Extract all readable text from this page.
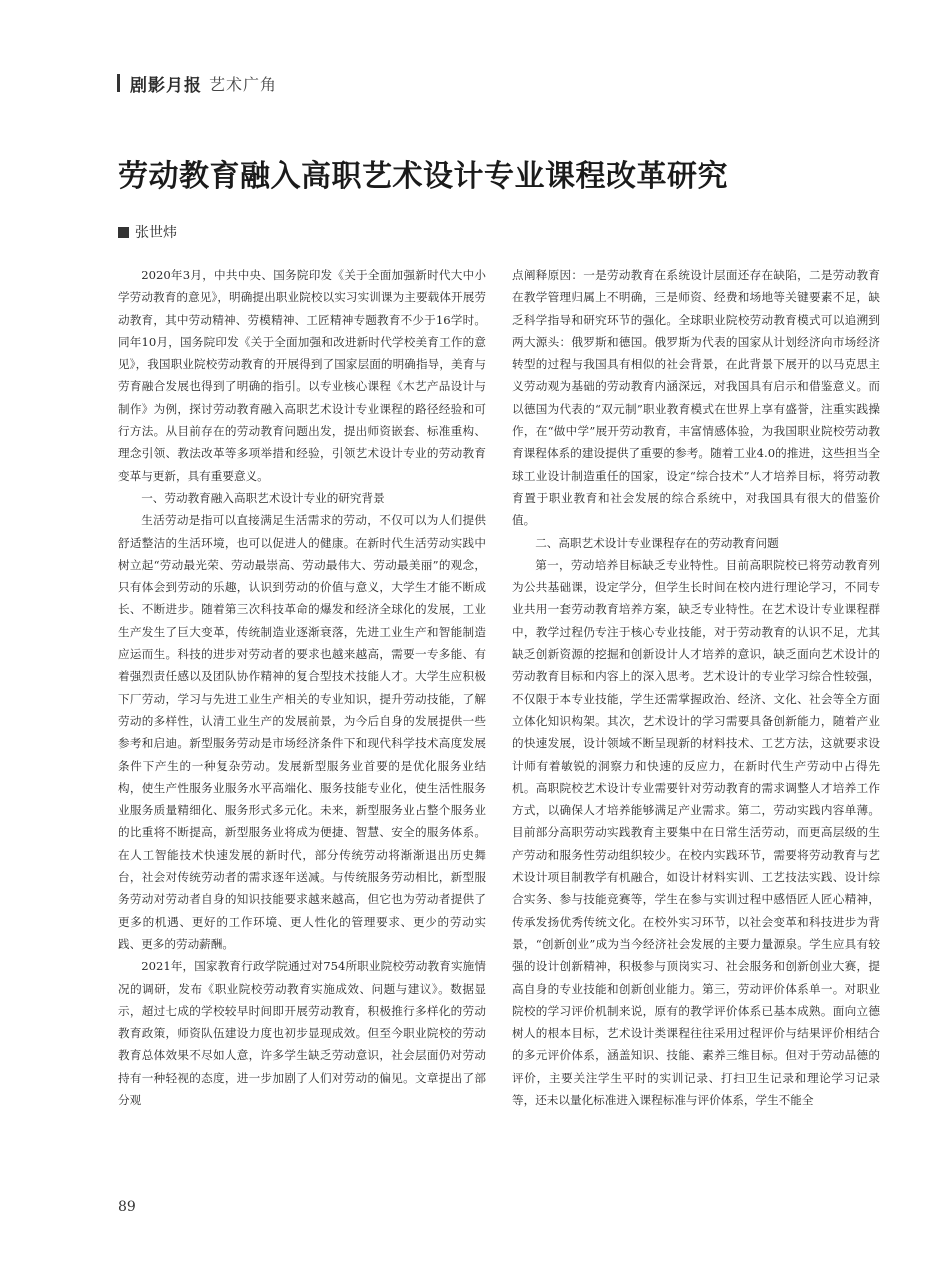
剧影月报 艺术广角
劳动教育融入高职艺术设计专业课程改革研究
张世炜

2020年3月，中共中央、国务院印发《关于全面加强新时代大中小学劳动教育的意见》，明确提出职业院校以实习实训课为主要载体开展劳动教育，其中劳动精神、劳模精神、工匠精神专题教育不少于16学时。同年10月，国务院印发《关于全面加强和改进新时代学校美育工作的意见》，我国职业院校劳动教育的开展得到了国家层面的明确指导，美育与劳育融合发展也得到了明确的指引。以专业核心课程《木艺产品设计与制作》为例，探讨劳动教育融入高职艺术设计专业课程的路径经验和可行方法。从目前存在的劳动教育问题出发，提出师资嵌套、标准重构、理念引领、教法改革等多项举措和经验，引领艺术设计专业的劳动教育变革与更新，具有重要意义。

一、劳动教育融入高职艺术设计专业的研究背景

生活劳动是指可以直接满足生活需求的劳动，不仅可以为人们提供舒适整洁的生活环境，也可以促进人的健康。在新时代生活劳动实践中树立起“劳动最光荣、劳动最崇高、劳动最伟大、劳动最美丽”的观念，只有体会到劳动的乐趣，认识到劳动的价值与意义，大学生才能不断成长、不断进步。随着第三次科技革命的爆发和经济全球化的发展，工业生产发生了巨大变革，传统制造业逐渐衰落，先进工业生产和智能制造应运而生。科技的进步对劳动者的要求也越来越高，需要一专多能、有着强烈责任感以及团队协作精神的复合型技术技能人才。大学生应积极下厂劳动，学习与先进工业生产相关的专业知识，提升劳动技能，了解劳动的多样性，认清工业生产的发展前景，为今后自身的发展提供一些参考和启迪。新型服务劳动是市场经济条件下和现代科学技术高度发展条件下产生的一种复杂劳动。发展新型服务业首要的是优化服务业结构，使生产性服务业服务水平高端化、服务技能专业化，使生活性服务业服务质量精细化、服务形式多元化。未来，新型服务业占整个服务业的比重将不断提高，新型服务业将成为便捷、智慧、安全的服务体系。在人工智能技术快速发展的新时代，部分传统劳动将渐渐退出历史舞台，社会对传统劳动者的需求逐年送减。与传统服务劳动相比，新型服务劳动对劳动者自身的知识技能要求越来越高，但它也为劳动者提供了更多的机遇、更好的工作环境、更人性化的管理要求、更少的劳动实践、更多的劳动薪酬。

2021年，国家教育行政学院通过对754所职业院校劳动教育实施情况的调研，发布《职业院校劳动教育实施成效、问题与建议》。数据显示，超过七成的学校较早时间即开展劳动教育，积极推行多样化的劳动教育政策，师资队伍建设力度也初步显现成效。但至今职业院校的劳动教育总体效果不尽如人意，许多学生缺乏劳动意识，社会层面仍对劳动持有一种轻视的态度，进一步加剧了人们对劳动的偏见。文章提出了部分观

点阐释原因：一是劳动教育在系统设计层面还存在缺陷，二是劳动教育在教学管理归属上不明确，三是师资、经费和场地等关键要素不足，缺乏科学指导和研究环节的强化。全球职业院校劳动教育模式可以追溯到两大源头：俄罗斯和德国。俄罗斯为代表的国家从计划经济向市场经济转型的过程与我国具有相似的社会背景，在此背景下展开的以马克思主义劳动观为基础的劳动教育内涵深远，对我国具有启示和借鉴意义。而以德国为代表的“双元制”职业教育模式在世界上享有盛誉，注重实践操作，在“做中学”展开劳动教育，丰富情感体验，为我国职业院校劳动教育课程体系的建设提供了重要的参考。随着工业4.0的推进，这些担当全球工业设计制造重任的国家，设定“综合技术”人才培养目标，将劳动教育置于职业教育和社会发展的综合系统中，对我国具有很大的借鉴价值。

二、高职艺术设计专业课程存在的劳动教育问题

第一，劳动培养目标缺乏专业特性。目前高职院校已将劳动教育列为公共基础课，设定学分，但学生长时间在校内进行理论学习，不同专业共用一套劳动教育培养方案，缺乏专业特性。在艺术设计专业课程群中，教学过程仍专注于核心专业技能，对于劳动教育的认识不足，尤其缺乏创新资源的挖掘和创新设计人才培养的意识，缺乏面向艺术设计的劳动教育目标和内容上的深入思考。艺术设计的专业学习综合性较强，不仅限于本专业技能，学生还需掌握政治、经济、文化、社会等全方面立体化知识构架。其次，艺术设计的学习需要具备创新能力，随着产业的快速发展，设计领域不断呈现新的材料技术、工艺方法，这就要求设计师有着敏锐的洞察力和快速的反应力，在新时代生产劳动中占得先机。高职院校艺术设计专业需要针对劳动教育的需求调整人才培养工作方式，以确保人才培养能够满足产业需求。第二，劳动实践内容单薄。目前部分高职劳动实践教育主要集中在日常生活劳动，而更高层级的生产劳动和服务性劳动组织较少。在校内实践环节，需要将劳动教育与艺术设计项目制教学有机融合，如设计材料实训、工艺技法实践、设计综合实务、参与技能竞赛等，学生在参与实训过程中感悟匠人匠心精神，传承发扬优秀传统文化。在校外实习环节，以社会变革和科技进步为背景，“创新创业”成为当今经济社会发展的主要力量源泉。学生应具有较强的设计创新精神，积极参与顶岗实习、社会服务和创新创业大赛，提高自身的专业技能和创新创业能力。第三，劳动评价体系单一。对职业院校的学习评价机制来说，原有的教学评价体系已基本成熟。面向立德树人的根本目标，艺术设计类课程往往采用过程评价与结果评价相结合的多元评价体系，涵盖知识、技能、素养三维目标。但对于劳动品德的评价，主要关注学生平时的实训记录、打扫卫生记录和理论学习记录等，还未以量化标准进入课程标准与评价体系，学生不能全

89
